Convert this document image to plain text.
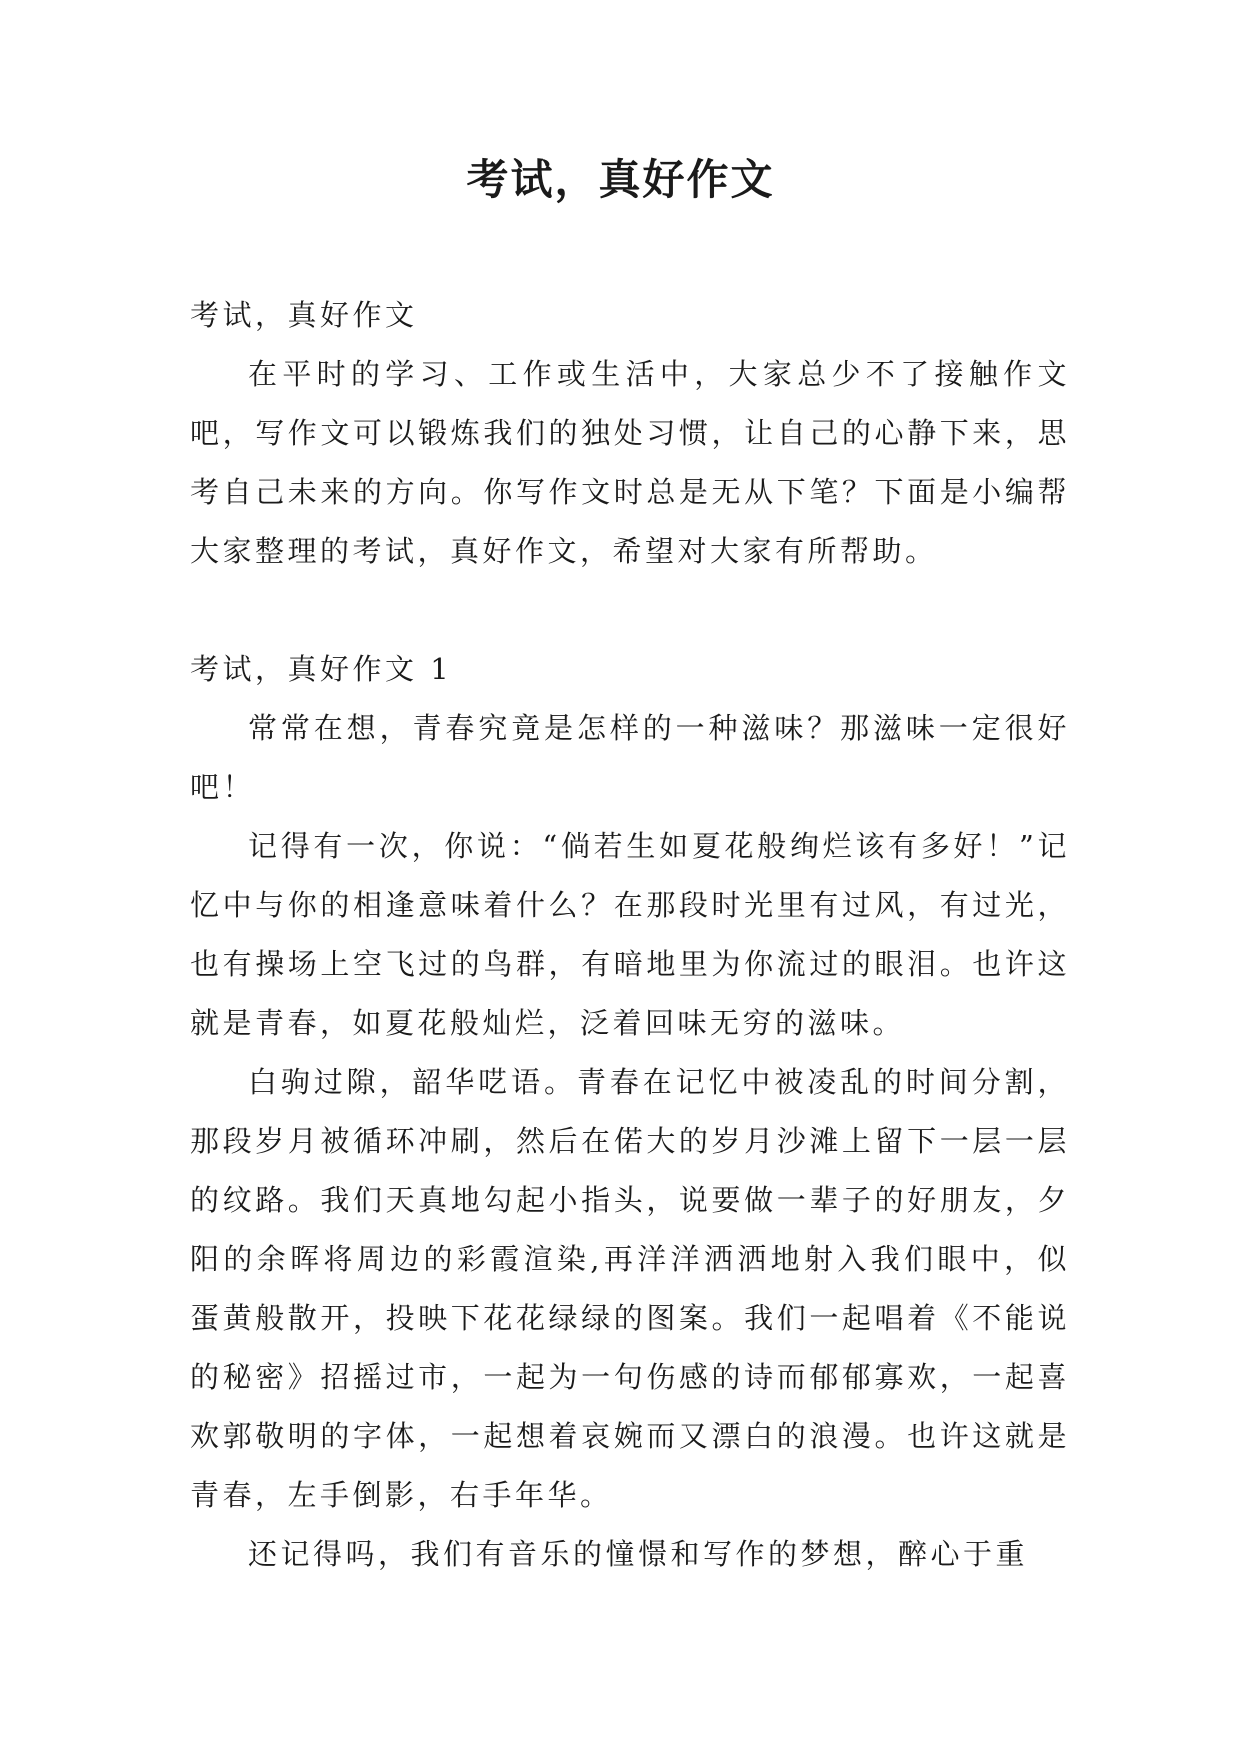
考试，真好作文
考试，真好作文

在平时的学习、工作或生活中，大家总少不了接触作文吧，写作文可以锻炼我们的独处习惯，让自己的心静下来，思考自己未来的方向。你写作文时总是无从下笔？下面是小编帮大家整理的考试，真好作文，希望对大家有所帮助。

考试，真好作文 1

常常在想，青春究竟是怎样的一种滋味？那滋味一定很好吧！

记得有一次，你说：“倘若生如夏花般绚烂该有多好！”记忆中与你的相逢意味着什么？在那段时光里有过风，有过光，也有操场上空飞过的鸟群，有暗地里为你流过的眼泪。也许这就是青春，如夏花般灿烂，泛着回味无穷的滋味。

白驹过隙，韶华呓语。青春在记忆中被凌乱的时间分割，那段岁月被循环冲刷，然后在偌大的岁月沙滩上留下一层一层的纹路。我们天真地勾起小指头，说要做一辈子的好朋友，夕阳的余晖将周边的彩霞渲染,再洋洋洒洒地射入我们眼中，似蛋黄般散开，投映下花花绿绿的图案。我们一起唱着《不能说的秘密》招摇过市，一起为一句伤感的诗而郁郁寡欢，一起喜欢郭敬明的字体，一起想着哀婉而又漂白的浪漫。也许这就是青春，左手倒影，右手年华。

还记得吗，我们有音乐的憧憬和写作的梦想，醉心于重
